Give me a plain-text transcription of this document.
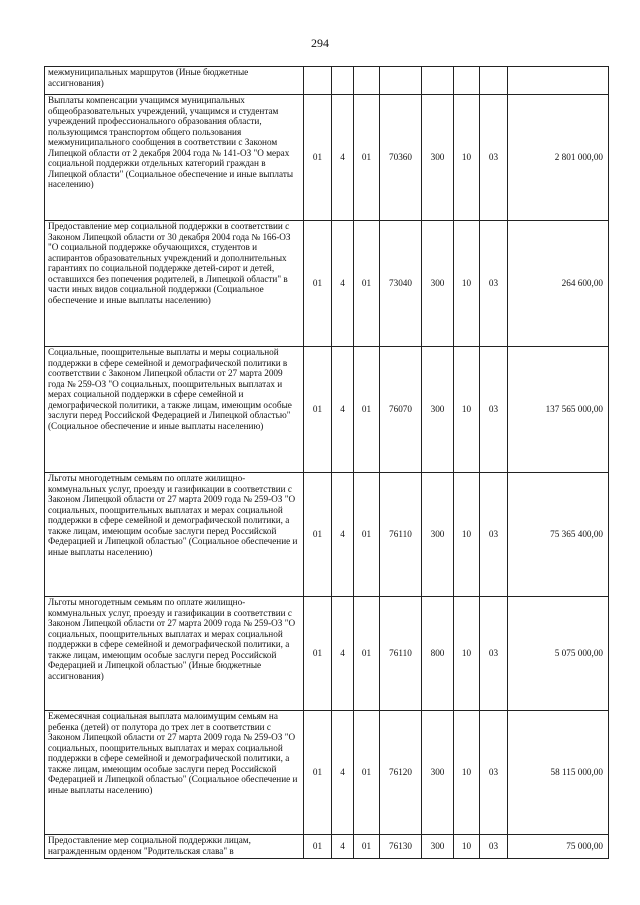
294
межмуниципальных маршрутов (Иные бюджетные ассигнования)								
Выплаты компенсации учащимся муниципальных общеобразовательных учреждений, учащимся и студентам учреждений профессионального образования области, пользующимся транспортом общего пользования межмуниципального сообщения в соответствии с Законом Липецкой области от 2 декабря 2004 года № 141-ОЗ "О мерах социальной поддержки отдельных категорий граждан в Липецкой области" (Социальное обеспечение и иные выплаты населению)	01	4	01	70360	300	10	03	2 801 000,00
Предоставление мер социальной поддержки в соответствии с Законом Липецкой области от 30 декабря 2004 года № 166-ОЗ "О социальной поддержке обучающихся, студентов и аспирантов образовательных учреждений и дополнительных гарантиях по социальной поддержке детей-сирот и детей, оставшихся без попечения родителей, в Липецкой области" в части иных видов социальной поддержки (Социальное обеспечение и иные выплаты населению)	01	4	01	73040	300	10	03	264 600,00
Социальные, поощрительные выплаты и меры социальной поддержки в сфере семейной и демографической политики в соответствии с Законом Липецкой области от 27 марта 2009 года № 259-ОЗ "О социальных, поощрительных выплатах и мерах социальной поддержки в сфере семейной и демографической политики, а также лицам, имеющим особые заслуги перед Российской Федерацией и Липецкой областью" (Социальное обеспечение и иные выплаты населению)	01	4	01	76070	300	10	03	137 565 000,00
Льготы многодетным семьям по оплате жилищно-коммунальных услуг, проезду и газификации в соответствии с Законом Липецкой области от 27 марта 2009 года № 259-ОЗ "О социальных, поощрительных выплатах и мерах социальной поддержки в сфере семейной и демографической политики, а также лицам, имеющим особые заслуги перед Российской Федерацией и Липецкой областью" (Социальное обеспечение и иные выплаты населению)	01	4	01	76110	300	10	03	75 365 400,00
Льготы многодетным семьям по оплате жилищно-коммунальных услуг, проезду и газификации в соответствии с Законом Липецкой области от 27 марта 2009 года № 259-ОЗ "О социальных, поощрительных выплатах и мерах социальной поддержки в сфере семейной и демографической политики, а также лицам, имеющим особые заслуги перед Российской Федерацией и Липецкой областью" (Иные бюджетные ассигнования)	01	4	01	76110	800	10	03	5 075 000,00
Ежемесячная социальная выплата малоимущим семьям на ребенка (детей) от полутора до трех лет в соответствии с Законом Липецкой области от 27 марта 2009 года № 259-ОЗ "О социальных, поощрительных выплатах и мерах социальной поддержки в сфере семейной и демографической политики, а также лицам, имеющим особые заслуги перед Российской Федерацией и Липецкой областью" (Социальное обеспечение и иные выплаты населению)	01	4	01	76120	300	10	03	58 115 000,00

Предоставление мер социальной поддержки лицам, награжденным орденом "Родительская слава" в	01	4	01	76130	300	10	03	75 000,00
